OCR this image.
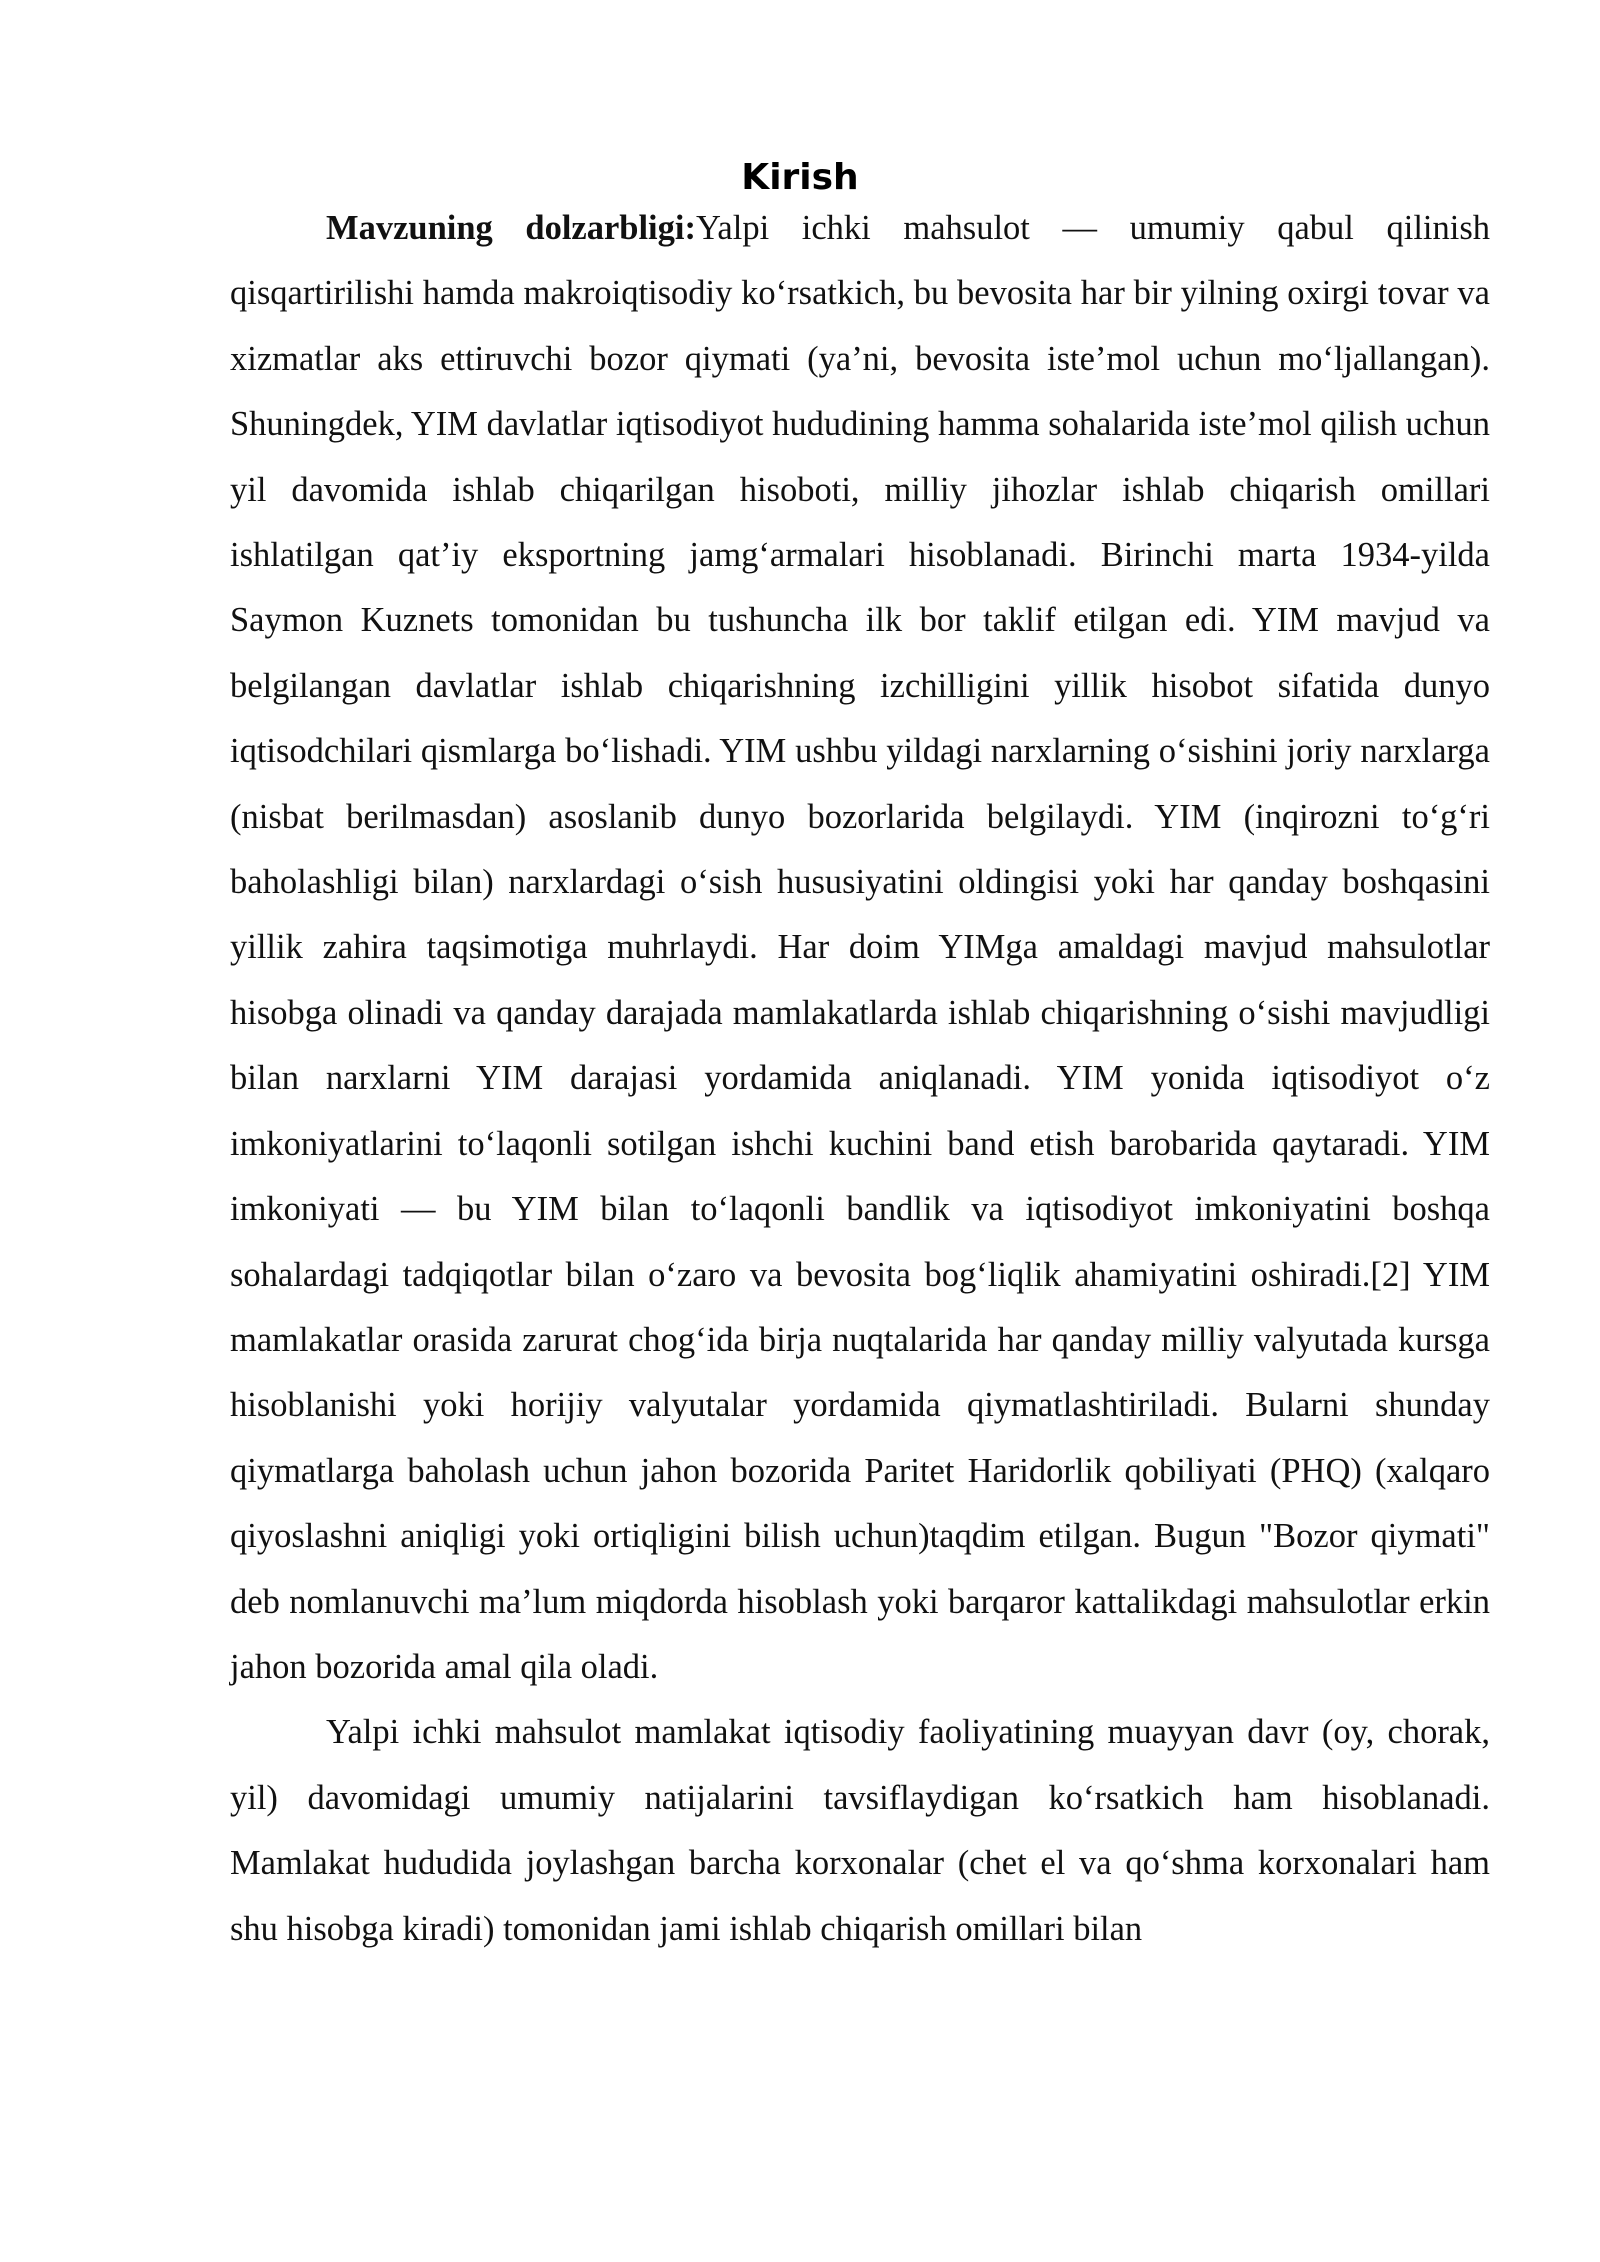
Kirish

Mavzuning dolzarbligi:Yalpi ichki mahsulot — umumiy qabul qilinish qisqartirilishi hamda makroiqtisodiy ko‘rsatkich, bu bevosita har bir yilning oxirgi tovar va xizmatlar aks ettiruvchi bozor qiymati (ya’ni, bevosita iste’mol uchun mo‘ljallangan). Shuningdek, YIM davlatlar iqtisodiyot hududining hamma sohalarida iste’mol qilish uchun yil davomida ishlab chiqarilgan hisoboti, milliy jihozlar ishlab chiqarish omillari ishlatilgan qat’iy eksportning jamg‘armalari hisoblanadi. Birinchi marta 1934-yilda Saymon Kuznets tomonidan bu tushuncha ilk bor taklif etilgan edi. YIM mavjud va belgilangan davlatlar ishlab chiqarishning izchilligini yillik hisobot sifatida dunyo iqtisodchilari qismlarga bo‘lishadi. YIM ushbu yildagi narxlarning o‘sishini joriy narxlarga (nisbat berilmasdan) asoslanib dunyo bozorlarida belgilaydi. YIM (inqirozni to‘g‘ri baholashligi bilan) narxlardagi o‘sish hususiyatini oldingisi yoki har qanday boshqasini yillik zahira taqsimotiga muhrlaydi. Har doim YIMga amaldagi mavjud mahsulotlar hisobga olinadi va qanday darajada mamlakatlarda ishlab chiqarishning o‘sishi mavjudligi bilan narxlarni YIM darajasi yordamida aniqlanadi. YIM yonida iqtisodiyot o‘z imkoniyatlarini to‘laqonli sotilgan ishchi kuchini band etish barobarida qaytaradi. YIM imkoniyati — bu YIM bilan to‘laqonli bandlik va iqtisodiyot imkoniyatini boshqa sohalardagi tadqiqotlar bilan o‘zaro va bevosita bog‘liqlik ahamiyatini oshiradi.[2] YIM mamlakatlar orasida zarurat chog‘ida birja nuqtalarida har qanday milliy valyutada kursga hisoblanishi yoki horijiy valyutalar yordamida qiymatlashtiriladi. Bularni shunday qiymatlarga baholash uchun jahon bozorida Paritet Haridorlik qobiliyati (PHQ) (xalqaro qiyoslashni aniqligi yoki ortiqligini bilish uchun)taqdim etilgan. Bugun "Bozor qiymati" deb nomlanuvchi ma’lum miqdorda hisoblash yoki barqaror kattalikdagi mahsulotlar erkin jahon bozorida amal qila oladi.

Yalpi ichki mahsulot mamlakat iqtisodiy faoliyatining muayyan davr (oy, chorak, yil) davomidagi umumiy natijalarini tavsiflaydigan ko‘rsatkich ham hisoblanadi. Mamlakat hududida joylashgan barcha korxonalar (chet el va qo‘shma korxonalari ham shu hisobga kiradi) tomonidan jami ishlab chiqarish omillari bilan
